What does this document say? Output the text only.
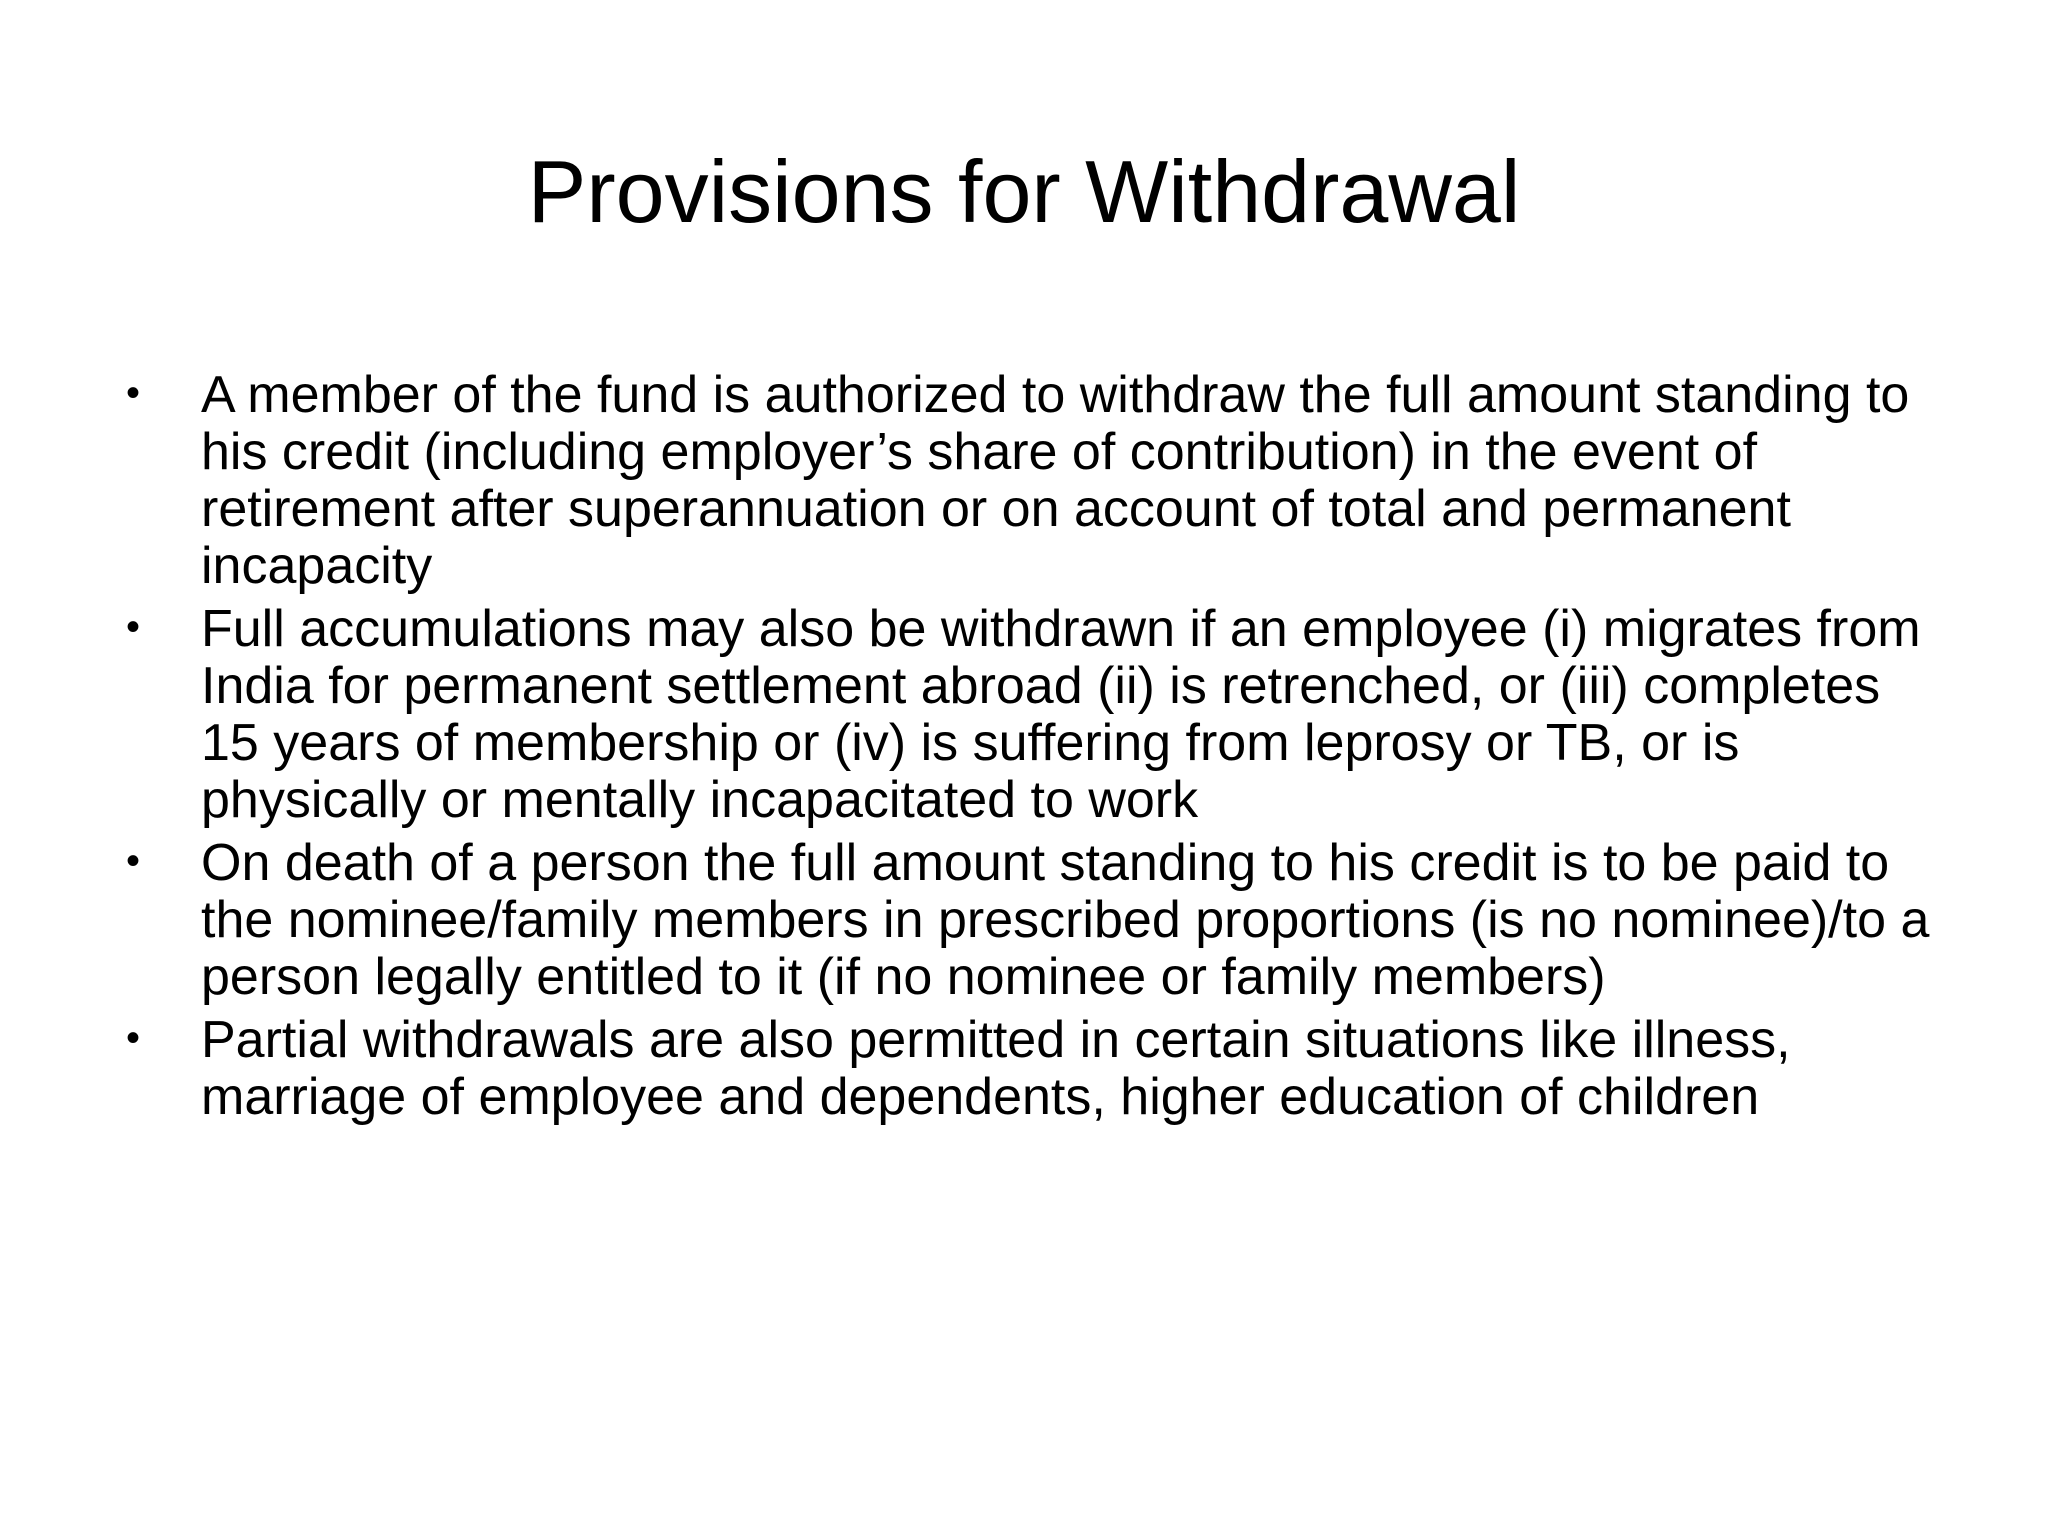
Provisions for Withdrawal
• A member of the fund is authorized to withdraw the full amount standing to his credit (including employer’s share of contribution) in the event of retirement after superannuation or on account of total and permanent incapacity
• Full accumulations may also be withdrawn if an employee (i) migrates from India for permanent settlement abroad (ii) is retrenched, or (iii) completes 15 years of membership or (iv) is suffering from leprosy or TB, or is physically or mentally incapacitated to work
• On death of a person the full amount standing to his credit is to be paid to the nominee/family members in prescribed proportions (is no nominee)/to a person legally entitled to it (if no nominee or family members)
• Partial withdrawals are also permitted in certain situations like illness, marriage of employee and dependents, higher education of children
